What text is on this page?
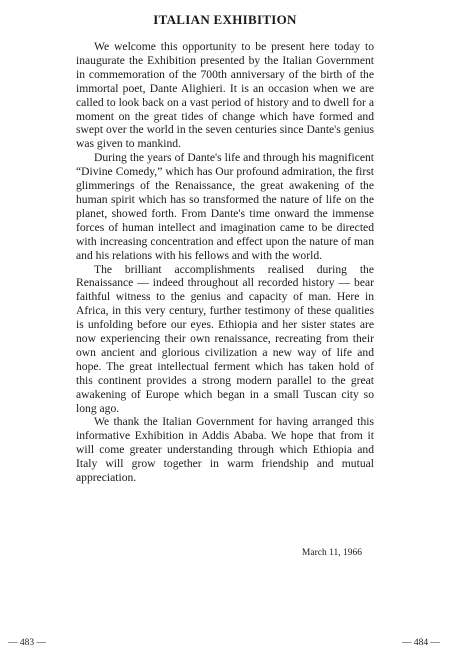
ITALIAN EXHIBITION

We welcome this opportunity to be present here today to inaugurate the Exhibition presented by the Italian Government in commemoration of the 700th anniversary of the birth of the immortal poet, Dante Alighieri. It is an occasion when we are called to look back on a vast period of history and to dwell for a moment on the great tides of change which have formed and swept over the world in the seven centuries since Dante's genius was given to mankind.

During the years of Dante's life and through his magnificent “Divine Comedy,” which has Our profound admiration, the first glimmerings of the Renaissance, the great awakening of the human spirit which has so transformed the nature of life on the planet, showed forth. From Dante's time onward the immense forces of human intellect and imagination came to be directed with increasing concentration and effect upon the nature of man and his relations with his fellows and with the world.

The brilliant accomplishments realised during the Renaissance — indeed throughout all recorded history — bear faithful witness to the genius and capacity of man. Here in Africa, in this very century, further testimony of these qualities is unfolding before our eyes. Ethiopia and her sister states are now experiencing their own renaissance, recreating from their own ancient and glorious civilization a new way of life and hope. The great intellectual ferment which has taken hold of this continent provides a strong modern parallel to the great awakening of Europe which began in a small Tuscan city so long ago.

We thank the Italian Government for having arranged this informative Exhibition in Addis Ababa. We hope that from it will come greater understanding through which Ethiopia and Italy will grow together in warm friendship and mutual appreciation.

March 11, 1966
— 483 —	— 484 —
